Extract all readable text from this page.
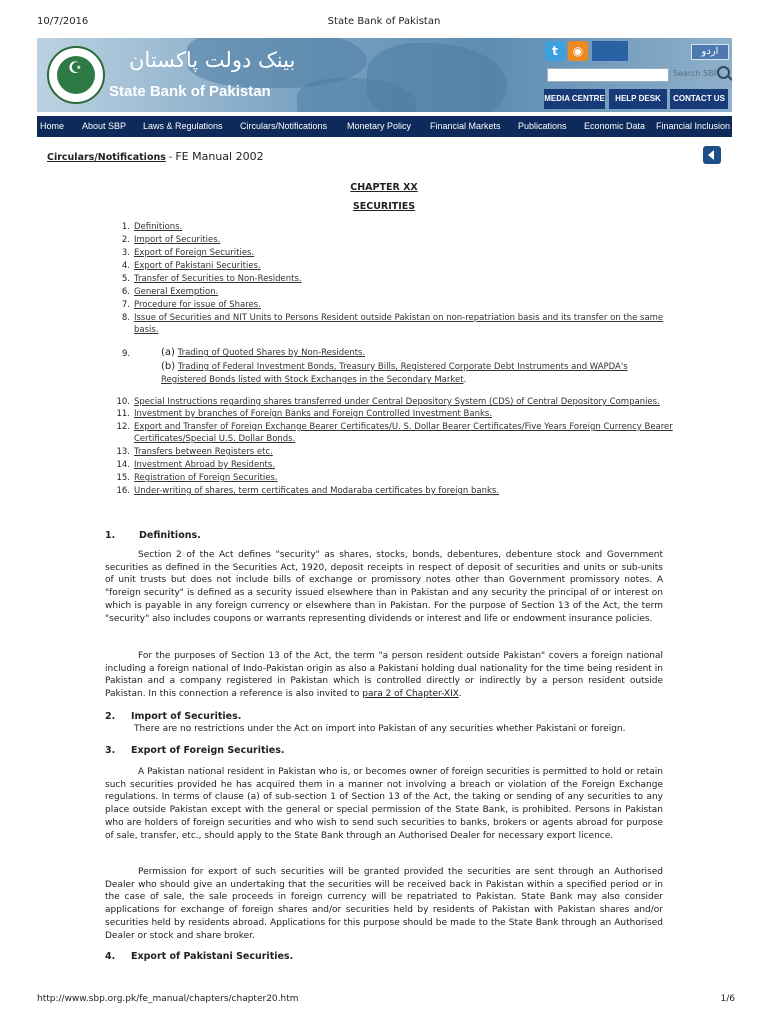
10/7/2016	State Bank of Pakistan
☪ بینک دولت پاکستان
State Bank of Pakistan
t	◉	اردو
Search SBP
MEDIA CENTRE	HELP DESK	CONTACT US
Home About SBP Laws & Regulations Circulars/Notifications Monetary Policy Financial Markets Publications Economic Data Financial Inclusion
Circulars/Notifications - FE Manual 2002
CHAPTER XX
SECURITIES
1. Definitions.
2. Import of Securities.
3. Export of Foreign Securities.
4. Export of Pakistani Securities.
5. Transfer of Securities to Non-Residents.
6. General Exemption.
7. Procedure for issue of Shares.
8. Issue of Securities and NIT Units to Persons Resident outside Pakistan on non-repatriation basis and its transfer on the same
basis.
9.	(a) Trading of Quoted Shares by Non-Residents.
(b) Trading of Federal Investment Bonds, Treasury Bills, Registered Corporate Debt Instruments and WAPDA's
Registered Bonds listed with Stock Exchanges in the Secondary Market.
10. Special Instructions regarding shares transferred under Central Depository System (CDS) of Central Depository Companies.
11. Investment by branches of Foreign Banks and Foreign Controlled Investment Banks.
12. Export and Transfer of Foreign Exchange Bearer Certificates/U. S. Dollar Bearer Certificates/Five Years Foreign Currency Bearer
Certificates/Special U.S. Dollar Bonds.
13. Transfers between Registers etc.
14. Investment Abroad by Residents.
15. Registration of Foreign Securities.
16. Under-writing of shares, term certificates and Modaraba certificates by foreign banks.
1.	Definitions.

Section 2 of the Act defines "security" as shares, stocks, bonds, debentures, debenture stock and Government securities as defined in the Securities Act, 1920, deposit receipts in respect of deposit of securities and units or sub-units of unit trusts but does not include bills of exchange or promissory notes other than Government promissory notes. A "foreign security" is defined as a security issued elsewhere than in Pakistan and any security the principal of or interest on which is payable in any foreign currency or elsewhere than in Pakistan. For the purpose of Section 13 of the Act, the term "security" also includes coupons or warrants representing dividends or interest and life or endowment insurance policies.

For the purposes of Section 13 of the Act, the term "a person resident outside Pakistan" covers a foreign national including a foreign national of Indo-Pakistan origin as also a Pakistani holding dual nationality for the time being resident in Pakistan and a company registered in Pakistan which is controlled directly or indirectly by a person resident outside Pakistan. In this connection a reference is also invited to para 2 of Chapter-XIX.

2. Import of Securities.
There are no restrictions under the Act on import into Pakistan of any securities whether Pakistani or foreign.
3. Export of Foreign Securities.

A Pakistan national resident in Pakistan who is, or becomes owner of foreign securities is permitted to hold or retain such securities provided he has acquired them in a manner not involving a breach or violation of the Foreign Exchange regulations. In terms of clause (a) of sub-section 1 of Section 13 of the Act, the taking or sending of any securities to any place outside Pakistan except with the general or special permission of the State Bank, is prohibited. Persons in Pakistan who are holders of foreign securities and who wish to send such securities to banks, brokers or agents abroad for purpose of sale, transfer, etc., should apply to the State Bank through an Authorised Dealer for necessary export licence.

Permission for export of such securities will be granted provided the securities are sent through an Authorised Dealer who should give an undertaking that the securities will be received back in Pakistan within a specified period or in the case of sale, the sale proceeds in foreign currency will be repatriated to Pakistan. State Bank may also consider applications for exchange of foreign shares and/or securities held by residents of Pakistan with Pakistan shares and/or securities held by residents abroad. Applications for this purpose should be made to the State Bank through an Authorised Dealer or stock and share broker.

4. Export of Pakistani Securities.
http://www.sbp.org.pk/fe_manual/chapters/chapter20.htm	1/6
